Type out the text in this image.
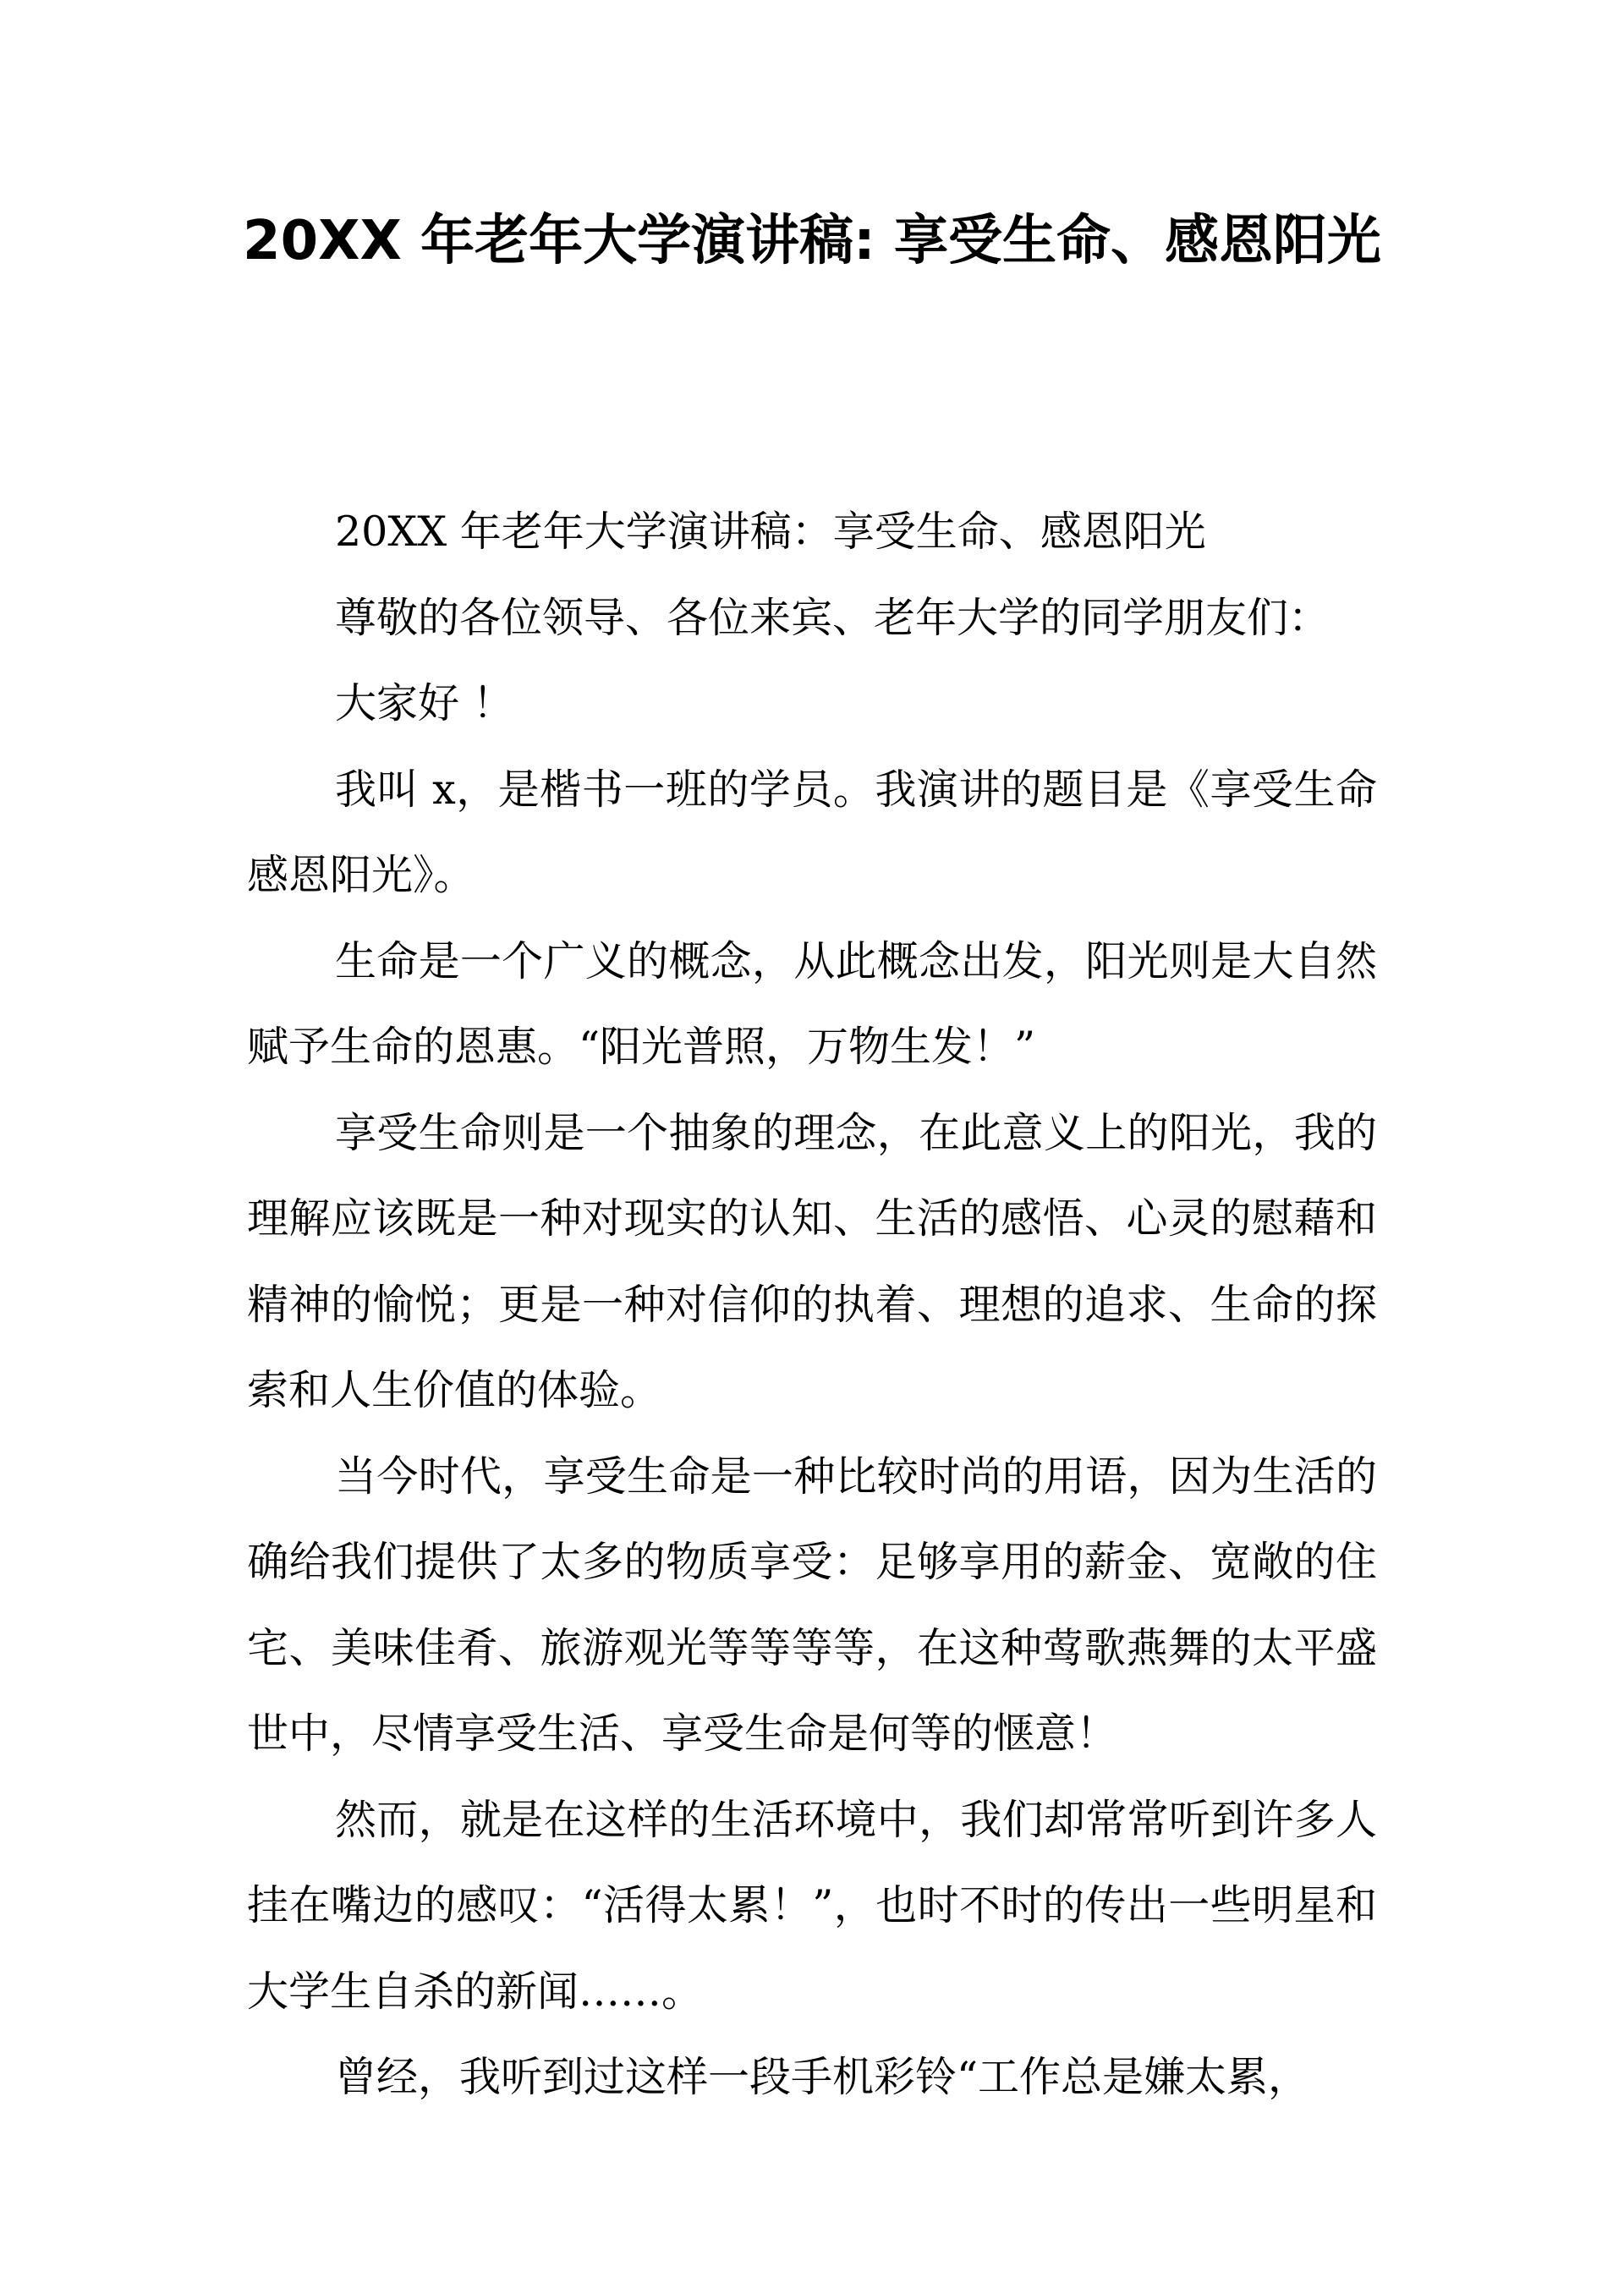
20XX 年老年大学演讲稿: 享受生命、感恩阳光

20XX 年老年大学演讲稿：享受生命、感恩阳光

尊敬的各位领导、各位来宾、老年大学的同学朋友们：

大家好 ！

我叫 x，是楷书一班的学员。我演讲的题目是《享受生命 感恩阳光》。

生命是一个广义的概念，从此概念出发，阳光则是大自然赋予生命的恩惠。“阳光普照，万物生发！”

享受生命则是一个抽象的理念，在此意义上的阳光，我的理解应该既是一种对现实的认知、生活的感悟、心灵的慰藉和精神的愉悦；更是一种对信仰的执着、理想的追求、生命的探索和人生价值的体验。

当今时代，享受生命是一种比较时尚的用语，因为生活的确给我们提供了太多的物质享受：足够享用的薪金、宽敞的住宅、美味佳肴、旅游观光等等等等，在这种莺歌燕舞的太平盛世中，尽情享受生活、享受生命是何等的惬意！

然而，就是在这样的生活环境中，我们却常常听到许多人挂在嘴边的感叹：“活得太累！”，也时不时的传出一些明星和大学生自杀的新闻……。

曾经，我听到过这样一段手机彩铃“工作总是嫌太累，
